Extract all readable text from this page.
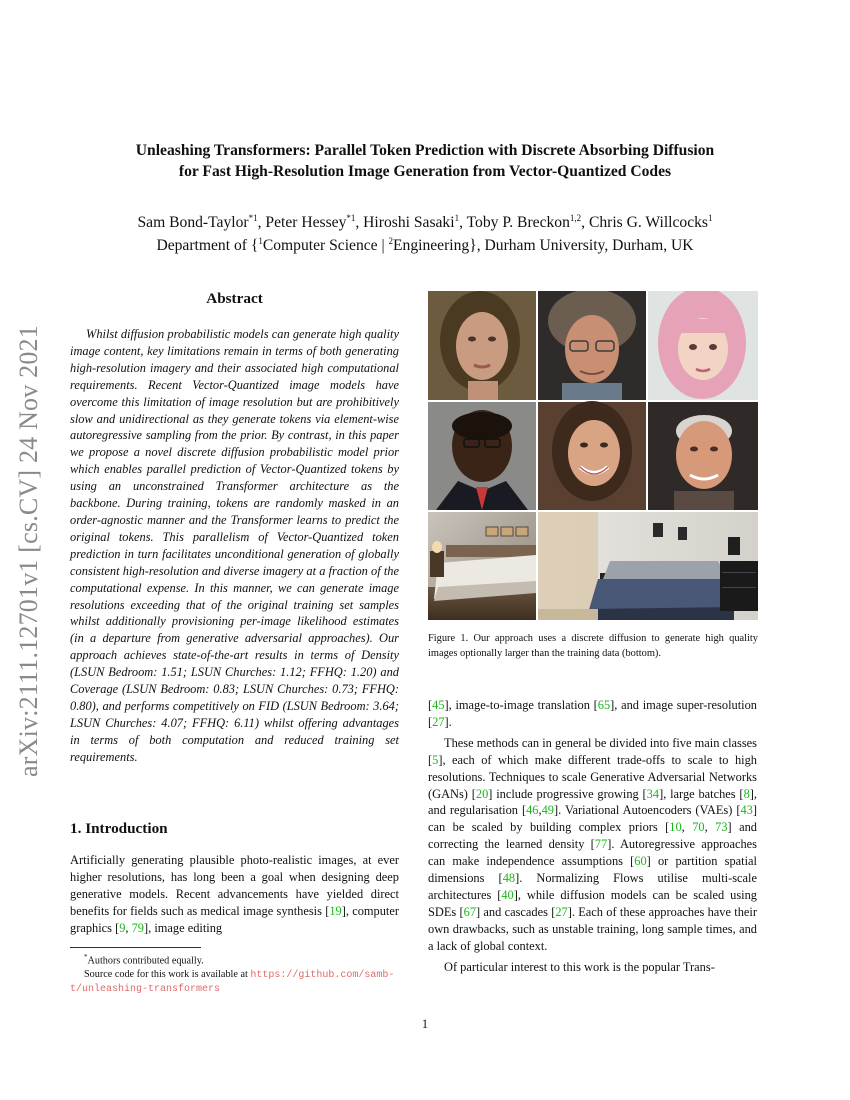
arXiv:2111.12701v1 [cs.CV] 24 Nov 2021
Unleashing Transformers: Parallel Token Prediction with Discrete Absorbing Diffusion
for Fast High-Resolution Image Generation from Vector-Quantized Codes
Sam Bond-Taylor$^{*1}$, Peter Hessey$^{*1}$, Hiroshi Sasaki$^1$, Toby P. Breckon$^{1,2}$, Chris G. Willcocks$^1$
Department of {$^1$Computer Science | $^2$Engineering}, Durham University, Durham, UK
Abstract

Whilst diffusion probabilistic models can generate high quality image content, key limitations remain in terms of both generating high-resolution imagery and their associated high computational requirements. Recent Vector-Quantized image models have overcome this limitation of image resolution but are prohibitively slow and unidirectional as they generate tokens via element-wise autoregressive sampling from the prior. By contrast, in this paper we propose a novel discrete diffusion probabilistic model prior which enables parallel prediction of Vector-Quantized tokens by using an unconstrained Transformer architecture as the backbone. During training, tokens are randomly masked in an order-agnostic manner and the Transformer learns to predict the original tokens. This parallelism of Vector-Quantized token prediction in turn facilitates unconditional generation of globally consistent high-resolution and diverse imagery at a fraction of the computational expense. In this manner, we can generate image resolutions exceeding that of the original training set samples whilst additionally provisioning per-image likelihood estimates (in a departure from generative adversarial approaches). Our approach achieves state-of-the-art results in terms of Density (LSUN Bedroom: 1.51; LSUN Churches: 1.12; FFHQ: 1.20) and Coverage (LSUN Bedroom: 0.83; LSUN Churches: 0.73; FFHQ: 0.80), and performs competitively on FID (LSUN Bedroom: 3.64; LSUN Churches: 4.07; FFHQ: 6.11) whilst offering advantages in terms of both computation and reduced training set requirements.

1. Introduction

Artificially generating plausible photo-realistic images, at ever higher resolutions, has long been a goal when designing deep generative models. Recent advancements have yielded direct benefits for fields such as medical image synthesis [19], computer graphics [9, 79], image editing

*Authors contributed equally.

Source code for this work is available at https://github.com/samb-t/unleashing-transformers

Figure 1. Our approach uses a discrete diffusion to generate high quality images optionally larger than the training data (bottom).

[45], image-to-image translation [65], and image super-resolution [27].

These methods can in general be divided into five main classes [5], each of which make different trade-offs to scale to high resolutions. Techniques to scale Generative Adversarial Networks (GANs) [20] include progressive growing [34], large batches [8], and regularisation [46,49]. Variational Autoencoders (VAEs) [43] can be scaled by building complex priors [10, 70, 73] and correcting the learned density [77]. Autoregressive approaches can make independence assumptions [60] or partition spatial dimensions [48]. Normalizing Flows utilise multi-scale architectures [40], while diffusion models can be scaled using SDEs [67] and cascades [27]. Each of these approaches have their own drawbacks, such as unstable training, long sample times, and a lack of global context.

Of particular interest to this work is the popular Trans-

1
